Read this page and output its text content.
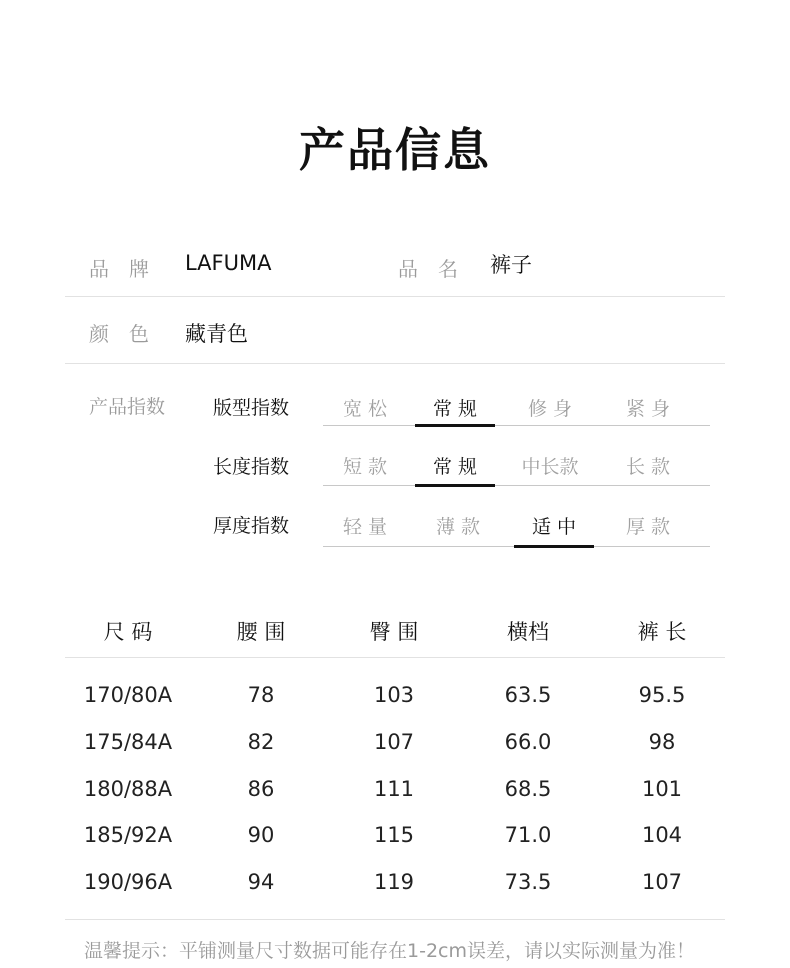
产品信息
品　牌 LAFUMA	品　名 裤子
颜　色 藏青色
产品指数	版型指数	宽 松	常 规	修 身	紧 身
长度指数	短 款	常 规	中长款	长 款
厚度指数	轻 量	薄 款	适 中	厚 款
尺 码	腰 围	臀 围	横档	裤 长
170/80A	78	103	63.5	95.5
175/84A	82	107	66.0	98
180/88A	86	111	68.5	101
185/92A	90	115	71.0	104
190/96A	94	119	73.5	107
温馨提示：平铺测量尺寸数据可能存在1-2cm误差，请以实际测量为准！
